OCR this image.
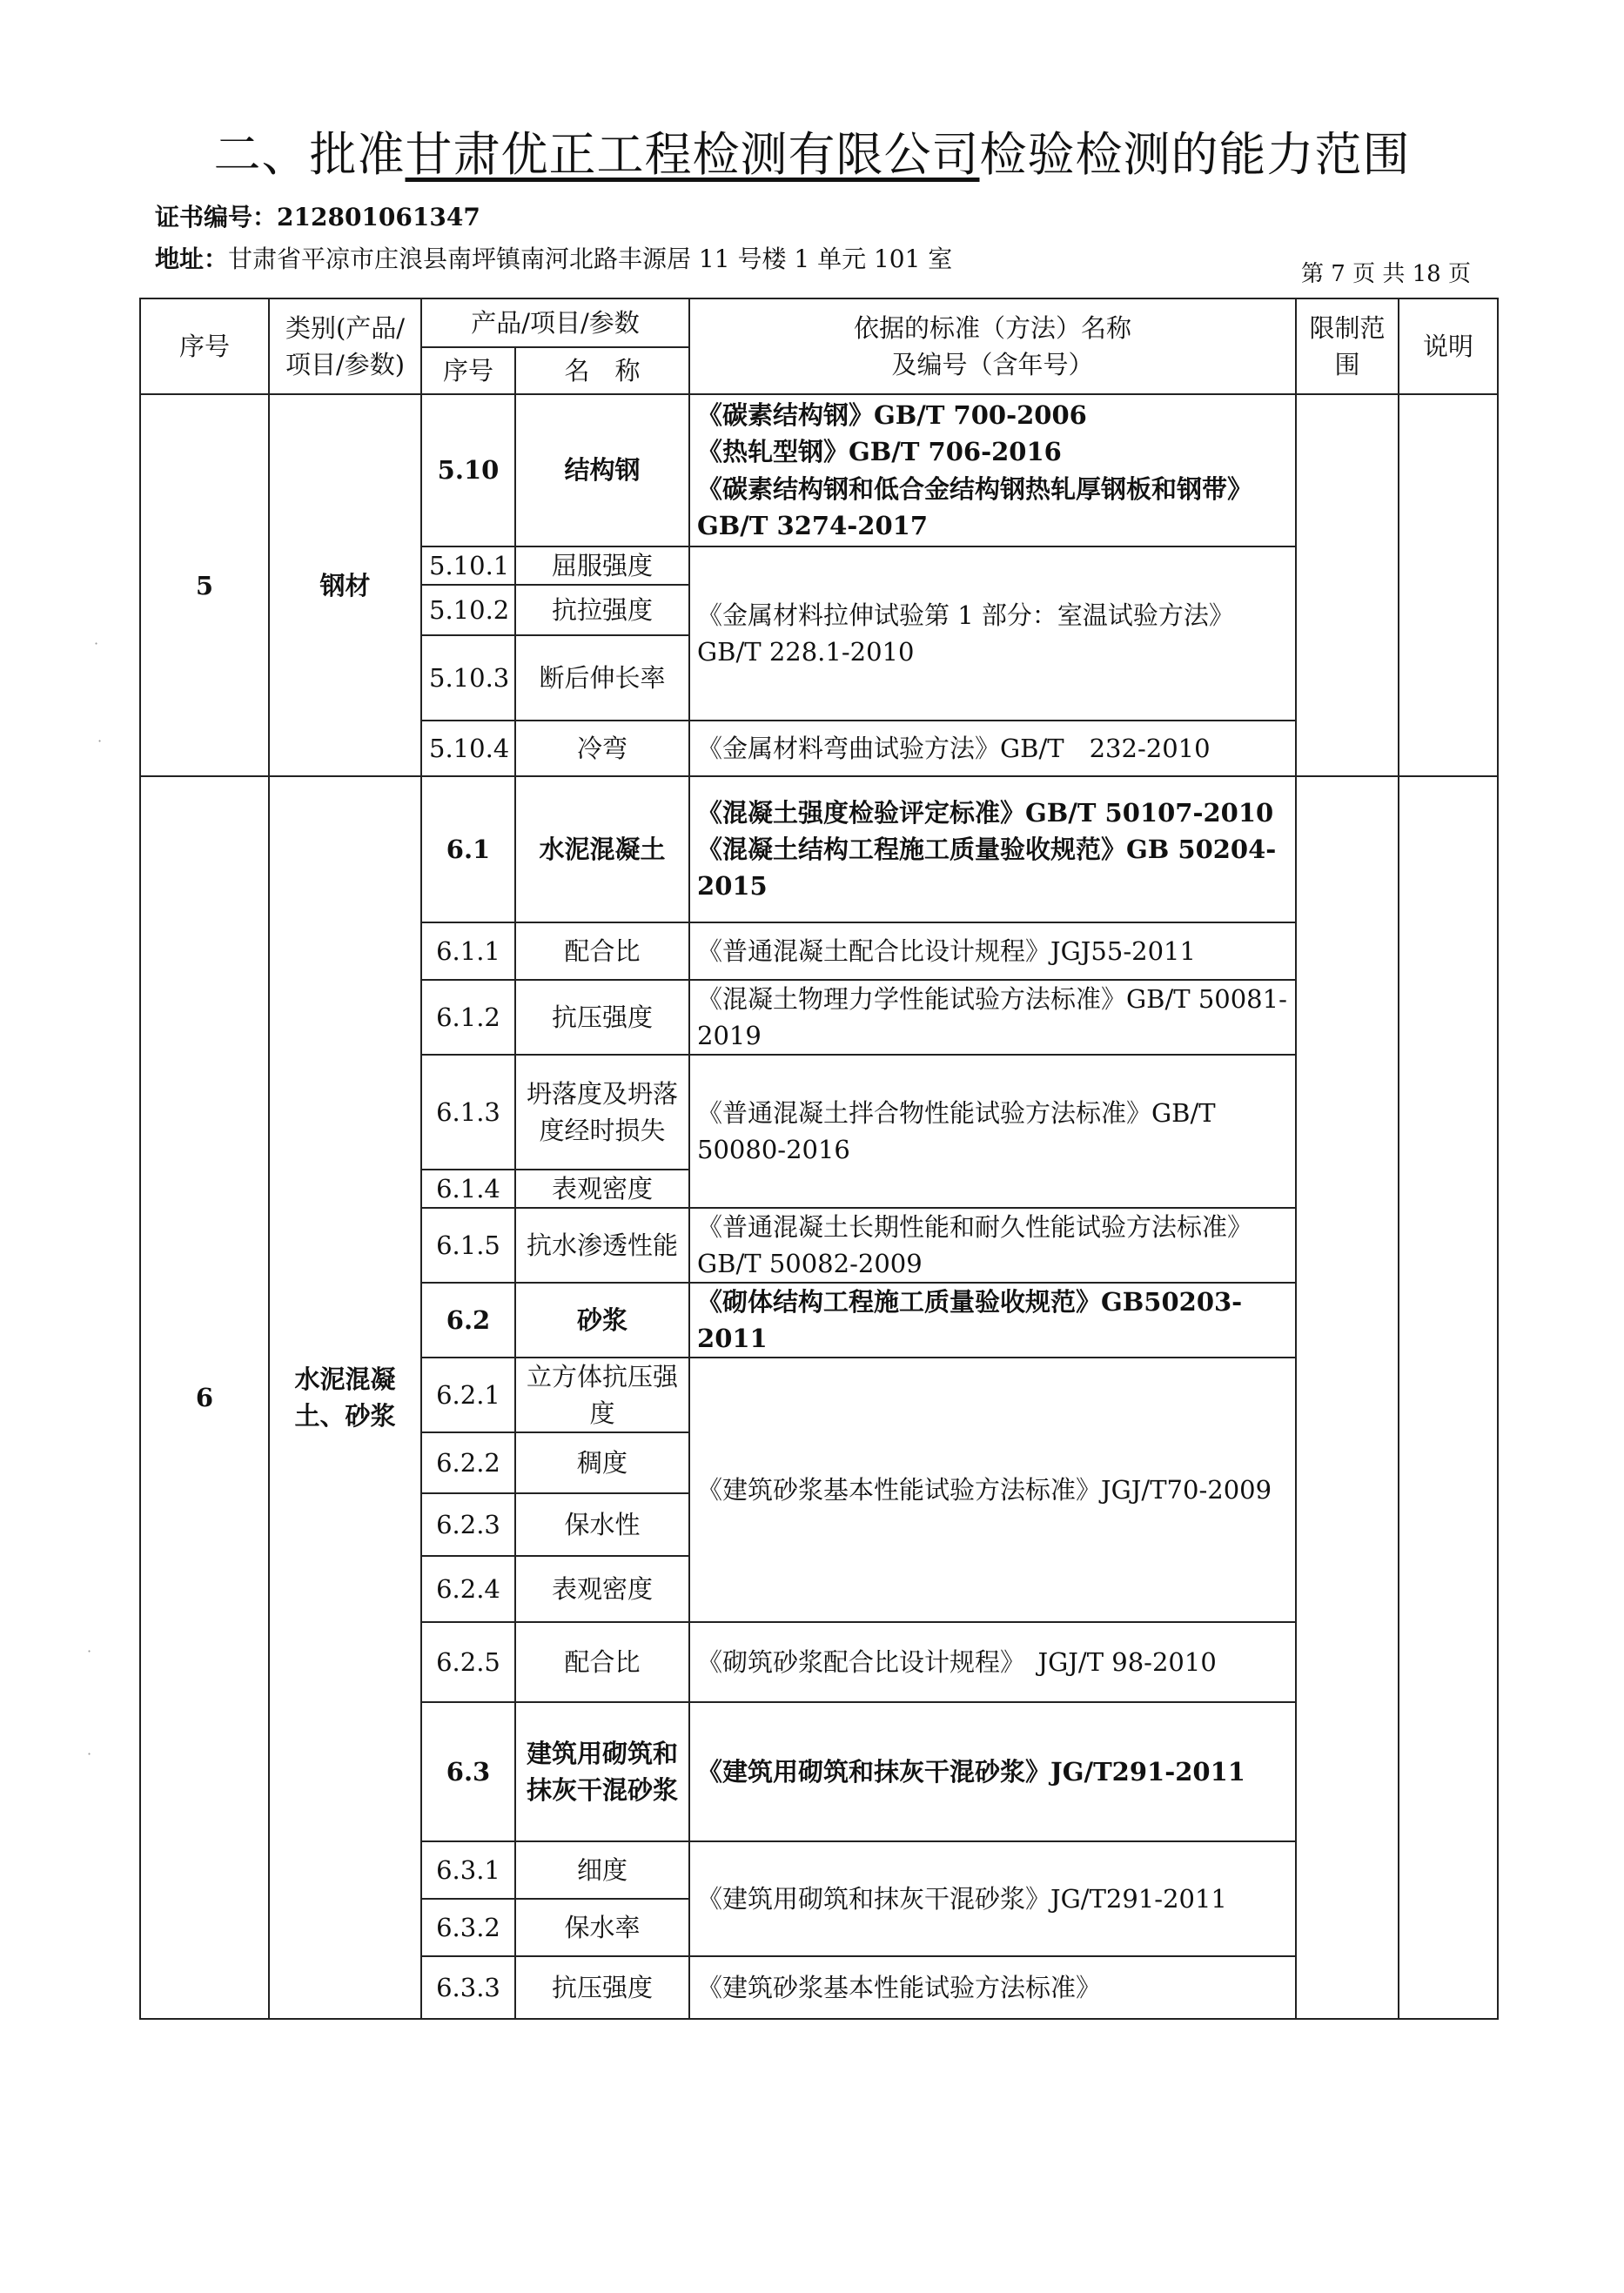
二、批准甘肃优正工程检测有限公司检验检测的能力范围
证书编号：212801061347
地址：甘肃省平凉市庄浪县南坪镇南河北路丰源居 11 号楼 1 单元 101 室
第 7 页 共 18 页
序号	类别(产品/项目/参数)	产品/项目/参数		依据的标准（方法）名称
及编号（含年号）	限制范围	说明
		序号	名　称			
5	钢材	5.10	结构钢	《碳素结构钢》GB/T 700-2006
《热轧型钢》GB/T 706-2016
《碳素结构钢和低合金结构钢热轧厚钢板和钢带》GB/T 3274-2017		

		5.10.1	屈服强度	《金属材料拉伸试验第 1 部分：室温试验方法》GB/T 228.1-2010		

		5.10.2	抗拉强度			
		5.10.3	断后伸长率			
		5.10.4	冷弯	《金属材料弯曲试验方法》GB/T　232-2010		

6	水泥混凝土、砂浆	6.1	水泥混凝土	《混凝土强度检验评定标准》GB/T 50107-2010
《混凝土结构工程施工质量验收规范》GB 50204-2015		

		6.1.1	配合比	《普通混凝土配合比设计规程》JGJ55-2011		

		6.1.2	抗压强度	《混凝土物理力学性能试验方法标准》GB/T 50081-2019		

		6.1.3	坍落度及坍落度经时损失	《普通混凝土拌合物性能试验方法标准》GB/T 50080-2016		

		6.1.4	表观密度			
		6.1.5	抗水渗透性能	《普通混凝土长期性能和耐久性能试验方法标准》GB/T 50082-2009		

		6.2	砂浆	《砌体结构工程施工质量验收规范》GB50203-2011		

		6.2.1	立方体抗压强度	《建筑砂浆基本性能试验方法标准》JGJ/T70-2009		

		6.2.2	稠度			
		6.2.3	保水性			
		6.2.4	表观密度			
		6.2.5	配合比	《砌筑砂浆配合比设计规程》　JGJ/T 98-2010		

		6.3	建筑用砌筑和抹灰干混砂浆	《建筑用砌筑和抹灰干混砂浆》JG/T291-2011		

		6.3.1	细度	《建筑用砌筑和抹灰干混砂浆》JG/T291-2011		

		6.3.2	保水率			
		6.3.3	抗压强度	《建筑砂浆基本性能试验方法标准》		
·
·
·
·
